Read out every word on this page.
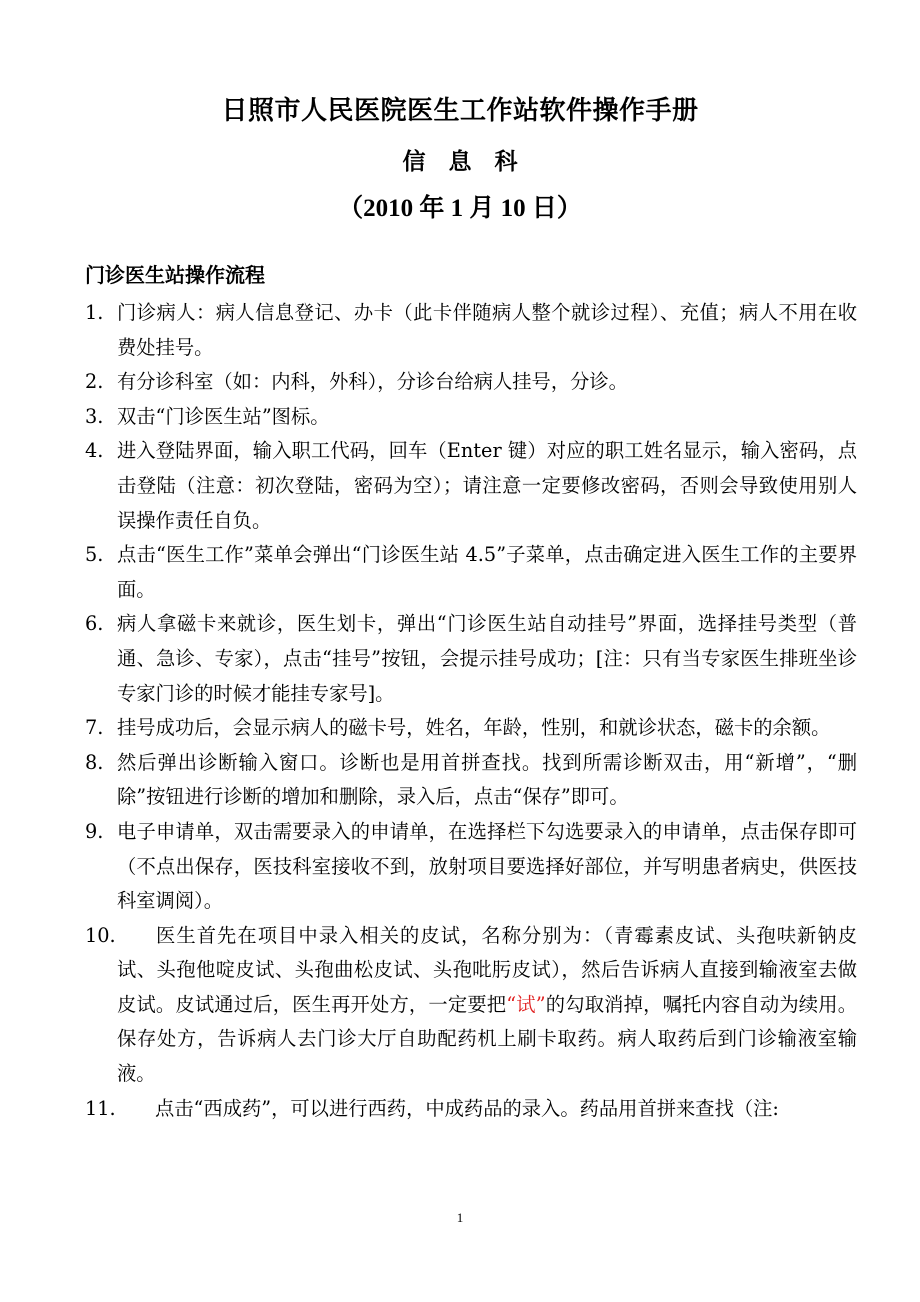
日照市人民医院医生工作站软件操作手册
信　息　科
（2010 年 1 月 10 日）
门诊医生站操作流程
1. 门诊病人：病人信息登记、办卡（此卡伴随病人整个就诊过程）、充值；病人不用在收费处挂号。
2. 有分诊科室（如：内科，外科），分诊台给病人挂号，分诊。
3. 双击“门诊医生站”图标。
4. 进入登陆界面，输入职工代码，回车（Enter 键）对应的职工姓名显示，输入密码，点击登陆（注意：初次登陆，密码为空）；请注意一定要修改密码，否则会导致使用别人误操作责任自负。
5. 点击“医生工作”菜单会弹出“门诊医生站 4.5”子菜单，点击确定进入医生工作的主要界面。
6. 病人拿磁卡来就诊，医生划卡，弹出“门诊医生站自动挂号”界面，选择挂号类型（普通、急诊、专家），点击“挂号”按钮，会提示挂号成功；[注：只有当专家医生排班坐诊专家门诊的时候才能挂专家号]。
7. 挂号成功后，会显示病人的磁卡号，姓名，年龄，性别，和就诊状态，磁卡的余额。
8. 然后弹出诊断输入窗口。诊断也是用首拼查找。找到所需诊断双击，用“新增”，“删除”按钮进行诊断的增加和删除，录入后，点击“保存”即可。
9. 电子申请单，双击需要录入的申请单，在选择栏下勾选要录入的申请单，点击保存即可（不点出保存，医技科室接收不到，放射项目要选择好部位，并写明患者病史，供医技科室调阅）。
10. 医生首先在项目中录入相关的皮试，名称分别为：（青霉素皮试、头孢呋新钠皮试、头孢他啶皮试、头孢曲松皮试、头孢吡肟皮试），然后告诉病人直接到输液室去做皮试。皮试通过后，医生再开处方，一定要把“试”的勾取消掉，嘱托内容自动为续用。保存处方，告诉病人去门诊大厅自助配药机上刷卡取药。病人取药后到门诊输液室输液。
11. 点击“西成药”，可以进行西药，中成药品的录入。药品用首拼来查找（注:
1
